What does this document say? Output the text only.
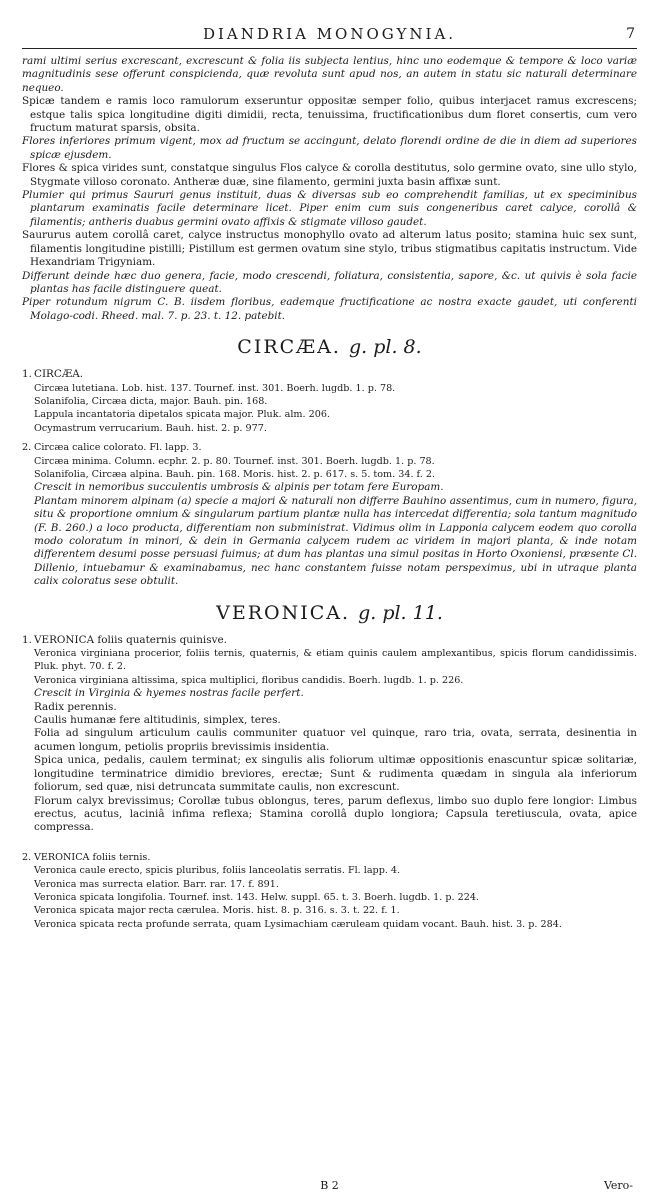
DIANDRIA MONOGYNIA.	7

rami ultimi serius excrescant, excrescunt & folia iis subjecta lentius, hinc uno eodemque & tempore & loco variæ magnitudinis sese offerunt conspicienda, quæ revoluta sunt apud nos, an autem in statu sic naturali determinare nequeo.

Spicæ tandem e ramis loco ramulorum exseruntur oppositæ semper folio, quibus interjacet ramus excrescens; estque talis spica longitudine digiti dimidii, recta, tenuissima, fructificationibus dum floret consertis, cum vero fructum maturat sparsis, obsita.

Flores inferiores primum vigent, mox ad fructum se accingunt, delato florendi ordine de die in diem ad superiores spicæ ejusdem.

Flores & spica virides sunt, constatque singulus Flos calyce & corolla destitutus, solo germine ovato, sine ullo stylo, Stygmate villoso coronato. Antheræ duæ, sine filamento, germini juxta basin affixæ sunt.

Plumier qui primus Saururi genus instituit, duas & diversas sub eo comprehendit familias, ut ex speciminibus plantarum examinatis facile determinare licet. Piper enim cum suis congeneribus caret calyce, corollâ & filamentis; antheris duabus germini ovato affixis & stigmate villoso gaudet.

Saururus autem corollâ caret, calyce instructus monophyllo ovato ad alterum latus posito; stamina huic sex sunt, filamentis longitudine pistilli; Pistillum est germen ovatum sine stylo, tribus stigmatibus capitatis instructum. Vide Hexandriam Trigyniam.

Differunt deinde hæc duo genera, facie, modo crescendi, foliatura, consistentia, sapore, &c. ut quivis è sola facie plantas has facile distinguere queat.

Piper rotundum nigrum C. B. iisdem floribus, eademque fructificatione ac nostra exacte gaudet, uti conferenti Molago-codi. Rheed. mal. 7. p. 23. t. 12. patebit.

CIRCÆA. g. pl. 8.
1. CIRCÆA.

Circæa lutetiana. Lob. hist. 137. Tournef. inst. 301. Boerh. lugdb. 1. p. 78.

Solanifolia, Circæa dicta, major. Bauh. pin. 168.

Lappula incantatoria dipetalos spicata major. Pluk. alm. 206.

Ocymastrum verrucarium. Bauh. hist. 2. p. 977.

2. Circæa calice colorato. Fl. lapp. 3.

Circæa minima. Column. ecphr. 2. p. 80. Tournef. inst. 301. Boerh. lugdb. 1. p. 78.

Solanifolia, Circæa alpina. Bauh. pin. 168. Moris. hist. 2. p. 617. s. 5. tom. 34. f. 2.

Crescit in nemoribus succulentis umbrosis & alpinis per totam fere Europam.

Plantam minorem alpinam (a) specie a majori & naturali non differre Bauhino assentimus, cum in numero, figura, situ & proportione omnium & singularum partium plantæ nulla has intercedat differentia; sola tantum magnitudo (F. B. 260.) a loco producta, differentiam non subministrat. Vidimus olim in Lapponia calycem eodem quo corolla modo coloratum in minori, & dein in Germania calycem rudem ac viridem in majori planta, & inde notam differentem desumi posse persuasi fuimus; at dum has plantas una simul positas in Horto Oxoniensi, præsente Cl. Dillenio, intuebamur & examinabamus, nec hanc constantem fuisse notam perspeximus, ubi in utraque planta calix coloratus sese obtulit.

VERONICA. g. pl. 11.
1. VERONICA foliis quaternis quinisve.

Veronica virginiana procerior, foliis ternis, quaternis, & etiam quinis caulem amplexantibus, spicis florum candidissimis. Pluk. phyt. 70. f. 2.

Veronica virginiana altissima, spica multiplici, floribus candidis. Boerh. lugdb. 1. p. 226.

Crescit in Virginia & hyemes nostras facile perfert.

Radix perennis.

Caulis humanæ fere altitudinis, simplex, teres.

Folia ad singulum articulum caulis communiter quatuor vel quinque, raro tria, ovata, serrata, desinentia in acumen longum, petiolis propriis brevissimis insidentia.

Spica unica, pedalis, caulem terminat; ex singulis alis foliorum ultimæ oppositionis enascuntur spicæ solitariæ, longitudine terminatrice dimidio breviores, erectæ; Sunt & rudimenta quædam in singula ala inferiorum foliorum, sed quæ, nisi detruncata summitate caulis, non excrescunt.

Florum calyx brevissimus; Corollæ tubus oblongus, teres, parum deflexus, limbo suo duplo fere longior: Limbus erectus, acutus, laciniâ infima reflexa; Stamina corollâ duplo longiora; Capsula teretiuscula, ovata, apice compressa.

2. VERONICA foliis ternis.

Veronica caule erecto, spicis pluribus, foliis lanceolatis serratis. Fl. lapp. 4.

Veronica mas surrecta elatior. Barr. rar. 17. f. 891.

Veronica spicata longifolia. Tournef. inst. 143. Helw. suppl. 65. t. 3. Boerh. lugdb. 1. p. 224.

Veronica spicata major recta cærulea. Moris. hist. 8. p. 316. s. 3. t. 22. f. 1.

Veronica spicata recta profunde serrata, quam Lysimachiam cæruleam quidam vocant. Bauh. hist. 3. p. 284.

B 2	Vero-
